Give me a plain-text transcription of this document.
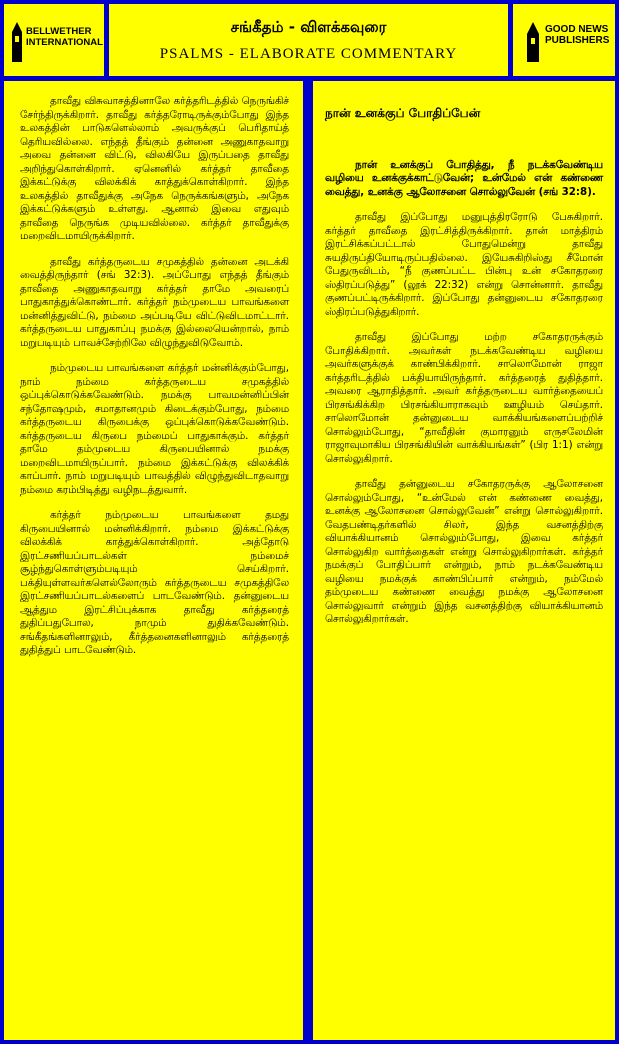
BELLWETHER
INTERNATIONAL
சங்கீதம் - விளக்கவுரை
PSALMS - ELABORATE COMMENTARY
GOOD NEWS
PUBLISHERS

தாவீது விசுவாசத்தினாலே கர்த்தரிடத்தில் நெருங்கிச் சேர்ந்திருக்கிறார். தாவீது கர்த்தரோடிருக்கும்போது இந்த உலகத்தின் பாடுகளெல்லாம் அவருக்குப் பெரிதாய்த் தெரியவில்லை. எந்தத் தீங்கும் தன்னை அணுகாதவாறு அவை தன்னை விட்டு, விலகியே இருப்பதை தாவீது அறிந்துகொள்கிறார். ஏனெனில் கர்த்தர் தாவீதை இக்கட்டுக்கு விலக்கிக் காத்துக்கொள்கிறார். இந்த உலகத்தில் தாவீதுக்கு அநேக நெருக்கங்களும், அநேக இக்கட்டுக்களும் உள்ளது. ஆனால் இவை எதுவும் தாவீதை நெருங்க முடியவில்லை. கர்த்தர் தாவீதுக்கு மறைவிடமாயிருக்கிறார்.

தாவீது கர்த்தருடைய சமுகத்தில் தன்னை அடக்கி வைத்திருந்தார் (சங் 32:3). அப்போது எந்தத் தீங்கும் தாவீதை அணுகாதவாறு கர்த்தர் தாமே அவரைப் பாதுகாத்துக்கொண்டார். கர்த்தர் நம்முடைய பாவங்களை மன்னித்துவிட்டு, நம்மை அப்படியே விட்டுவிடமாட்டார். கர்த்தருடைய பாதுகாப்பு நமக்கு இல்லையென்றால், நாம் மறுபடியும் பாவச்சேற்றிலே விழுந்துவிடுவோம்.

நம்முடைய பாவங்களை கர்த்தர் மன்னிக்கும்போது, நாம் நம்மை கர்த்தருடைய சமுகத்தில் ஒப்புக்கொடுக்கவேண்டும். நமக்கு பாவமன்னிப்பின் சந்தோஷமும், சமாதானமும் கிடைக்கும்போது, நம்மை கர்த்தருடைய கிருபைக்கு ஒப்புக்கொடுக்கவேண்டும். கர்த்தருடைய கிருபை நம்மைப் பாதுகாக்கும். கர்த்தர் தாமே தம்முடைய கிருபையினால் நமக்கு மறைவிடமாயிருப்பார். நம்மை இக்கட்டுக்கு விலக்கிக் காப்பார். நாம் மறுபடியும் பாவத்தில் விழுந்துவிடாதவாறு நம்மை கரம்பிடித்து வழிநடத்துவார்.

கர்த்தர் நம்முடைய பாவங்களை தமது கிருபையினால் மன்னிக்கிறார். நம்மை இக்கட்டுக்கு விலக்கிக் காத்துக்கொள்கிறார். அத்தோடு இரட்சணியப்பாடல்கள் நம்மைச் சூழ்ந்துகொள்ளும்படியும் செய்கிறார். பக்தியுள்ளவர்களெல்லோரும் கர்த்தருடைய சமுகத்திலே இரட்சணியப்பாடல்களைப் பாடவேண்டும். தன்னுடைய ஆத்தும இரட்சிப்புக்காக தாவீது கர்த்தரைத் துதிப்பதுபோல, நாமும் துதிக்கவேண்டும். சங்கீதங்களினாலும், கீர்த்தனைகளினாலும் கர்த்தரைத் துதித்துப் பாடவேண்டும்.

நான் உனக்குப் போதிப்பேன்

நான் உனக்குப் போதித்து, நீ நடக்கவேண்டிய வழியை உனக்குக்காட்டுவேன்; உன்மேல் என் கண்ணை வைத்து, உனக்கு ஆலோசனை சொல்லுவேன் (சங் 32:8).

தாவீது இப்போது மனுபுத்திரரோடு பேசுகிறார். கர்த்தர் தாவீதை இரட்சித்திருக்கிறார். தான் மாத்திரம் இரட்சிக்கப்பட்டால் போதுமென்று தாவீது சுயதிருப்தியோடிருப்பதில்லை. இயேசுகிறிஸ்து சீமோன் பேதுருவிடம், “நீ குணப்பட்ட பின்பு உன் சகோதரரை ஸ்திரப்படுத்து” (லூக் 22:32) என்று சொன்னார். தாவீது குணப்பட்டிருக்கிறார். இப்போது தன்னுடைய சகோதரரை ஸ்திரப்படுத்துகிறார்.

தாவீது இப்போது மற்ற சகோதரருக்கும் போதிக்கிறார். அவர்கள் நடக்கவேண்டிய வழியை அவர்களுக்குக் காண்பிக்கிறார். சாலொமோன் ராஜா கர்த்தரிடத்தில் பக்தியாயிருந்தார். கர்த்தரைத் துதித்தார். அவரை ஆராதித்தார். அவர் கர்த்தருடைய வார்த்தையைப் பிரசங்கிக்கிற பிரசங்கியாராகவும் ஊழியம் செய்தார். சாலொமோன் தன்னுடைய வாக்கியங்களைப்பற்றிச் சொல்லும்போது, “தாவீதின் குமாரனும் எருசலேமின் ராஜாவுமாகிய பிரசங்கியின் வாக்கியங்கள்” (பிர 1:1) என்று சொல்லுகிறார்.

தாவீது தன்னுடைய சகோதரருக்கு ஆலோசனை சொல்லும்போது, “உன்மேல் என் கண்ணை வைத்து, உனக்கு ஆலோசனை சொல்லுவேன்” என்று சொல்லுகிறார். வேதபண்டிதர்களில் சிலர், இந்த வசனத்திற்கு வியாக்கியானம் சொல்லும்போது, இவை கர்த்தர் சொல்லுகிற வார்த்தைகள் என்று சொல்லுகிறார்கள். கர்த்தர் நமக்குப் போதிப்பார் என்றும், நாம் நடக்கவேண்டிய வழியை நமக்குக் காண்பிப்பார் என்றும், நம்மேல் தம்முடைய கண்ணை வைத்து நமக்கு ஆலோசனை சொல்லுவார் என்றும் இந்த வசனத்திற்கு வியாக்கியானம் சொல்லுகிறார்கள்.
